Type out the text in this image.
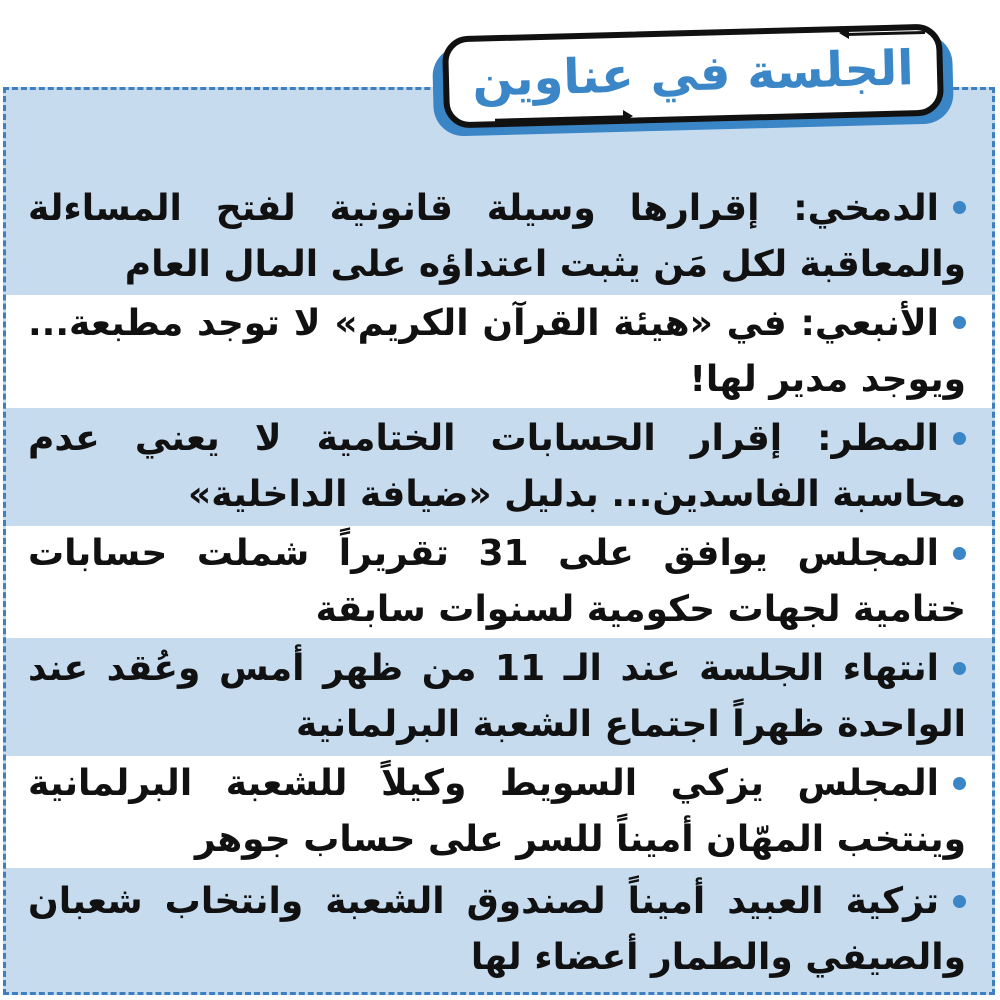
الدمخي: إقرارها وسيلة قانونية لفتح المساءلة والمعاقبة لكل مَن يثبت اعتداؤه على المال العام
الأنبعي: في «هيئة القرآن الكريم» لا توجد مطبعة... ويوجد مدير لها!
المطر: إقرار الحسابات الختامية لا يعني عدم محاسبة الفاسدين... بدليل «ضيافة الداخلية»
المجلس يوافق على 31 تقريراً شملت حسابات ختامية لجهات حكومية لسنوات سابقة
انتهاء الجلسة عند الـ 11 من ظهر أمس وعُقد عند الواحدة ظهراً اجتماع الشعبة البرلمانية
المجلس يزكي السويط وكيلاً للشعبة البرلمانية وينتخب المهّان أميناً للسر على حساب جوهر
تزكية العبيد أميناً لصندوق الشعبة وانتخاب شعبان والصيفي والطمار أعضاء لها
الجلسة في عناوين
